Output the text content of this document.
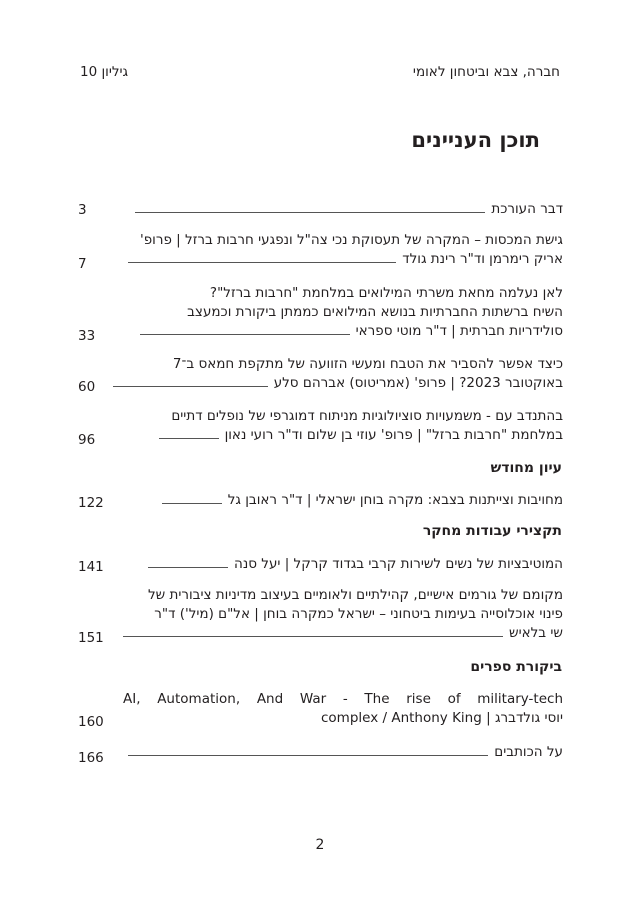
חברה, צבא וביטחון לאומי
גיליון 10
תוכן העניינים
דבר העורכת
3
גישת המכסות – המקרה של תעסוקת נכי צה"ל ונפגעי חרבות ברזל | פרופ'
אריק רימרמן וד"ר רינת גולד
7
לאן נעלמה מחאת משרתי המילואים במלחמת "חרבות ברזל"?
השיח ברשתות החברתיות בנושא המילואים כממתן ביקורת וכמעצב
סולידריות חברתית | ד"ר מוטי ספראי
33
כיצד אפשר להסביר את הטבח ומעשי הזוועה של מתקפת חמאס ב־7
באוקטובר 2023? | פרופ' (אמריטוס) אברהם סלע
60
בהתנדב עם - משמעויות סוציולוגיות מניתוח דמוגרפי של נופלים דתיים
במלחמת "חרבות ברזל" | פרופ' עוזי בן שלום וד"ר רועי נאון
96
עיון מחודש
מחויבות וצייתנות בצבא: מקרה בוחן ישראלי | ד"ר ראובן גל
122
תקצירי עבודות מחקר
המוטיבציות של נשים לשירות קרבי בגדוד קרקל | יעל סנה
141
מקומם של גורמים אישיים, קהילתיים ולאומיים בעיצוב מדיניות ציבורית של
פינוי אוכלוסייה בעימות ביטחוני – ישראל כמקרה בוחן | אל"ם (מיל') ד"ר
שי בלאיש
151
ביקורת ספרים
AI, Automation, And War - The rise of military-tech
complex / Anthony King | יוסי גולדברג
160
על הכותבים
166
2
